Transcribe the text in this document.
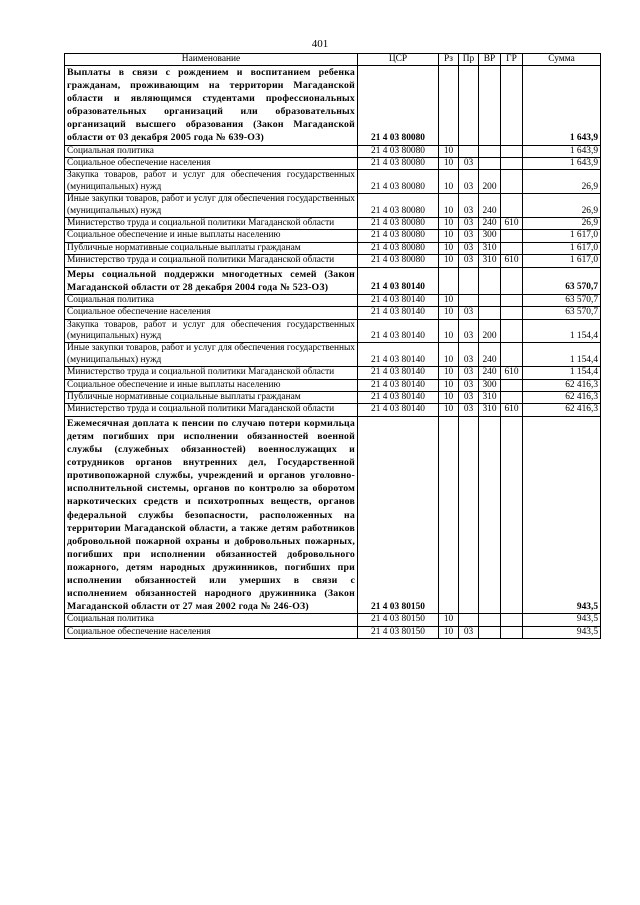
401
Наименование	ЦСР	Рз	Пр	ВР	ГР	Сумма
Выплаты в связи с рождением и воспитанием ребенка гражданам, проживающим на территории Магаданской области и являющимся студентами профессиональных образовательных организаций или образовательных организаций высшего образования (Закон Магаданской области от 03 декабря 2005 года № 639-ОЗ)	21 4 03 80080					1 643,9
Социальная политика	21 4 03 80080	10				1 643,9
Социальное обеспечение населения	21 4 03 80080	10	03			1 643,9
Закупка товаров, работ и услуг для обеспечения государственных (муниципальных) нужд	21 4 03 80080	10	03	200		26,9
Иные закупки товаров, работ и услуг для обеспечения государственных (муниципальных) нужд	21 4 03 80080	10	03	240		26,9
Министерство труда и социальной политики Магаданской области	21 4 03 80080	10	03	240	610	26,9
Социальное обеспечение и иные выплаты населению	21 4 03 80080	10	03	300		1 617,0
Публичные нормативные социальные выплаты гражданам	21 4 03 80080	10	03	310		1 617,0
Министерство труда и социальной политики Магаданской области	21 4 03 80080	10	03	310	610	1 617,0
Меры социальной поддержки многодетных семей (Закон Магаданской области от 28 декабря 2004 года № 523-ОЗ)	21 4 03 80140					63 570,7
Социальная политика	21 4 03 80140	10				63 570,7
Социальное обеспечение населения	21 4 03 80140	10	03			63 570,7
Закупка товаров, работ и услуг для обеспечения государственных (муниципальных) нужд	21 4 03 80140	10	03	200		1 154,4
Иные закупки товаров, работ и услуг для обеспечения государственных (муниципальных) нужд	21 4 03 80140	10	03	240		1 154,4
Министерство труда и социальной политики Магаданской области	21 4 03 80140	10	03	240	610	1 154,4
Социальное обеспечение и иные выплаты населению	21 4 03 80140	10	03	300		62 416,3
Публичные нормативные социальные выплаты гражданам	21 4 03 80140	10	03	310		62 416,3
Министерство труда и социальной политики Магаданской области	21 4 03 80140	10	03	310	610	62 416,3
Ежемесячная доплата к пенсии по случаю потери кормильца детям погибших при исполнении обязанностей военной службы (служебных обязанностей) военнослужащих и сотрудников органов внутренних дел, Государственной противопожарной службы, учреждений и органов уголовно-исполнительной системы, органов по контролю за оборотом наркотических средств и психотропных веществ, органов федеральной службы безопасности, расположенных на территории Магаданской области, а также детям работников добровольной пожарной охраны и добровольных пожарных, погибших при исполнении обязанностей добровольного пожарного, детям народных дружинников, погибших при исполнении обязанностей или умерших в связи с исполнением обязанностей народного дружинника (Закон Магаданской области от 27 мая 2002 года № 246-ОЗ)	21 4 03 80150					943,5
Социальная политика	21 4 03 80150	10				943,5
Социальное обеспечение населения	21 4 03 80150	10	03			943,5
